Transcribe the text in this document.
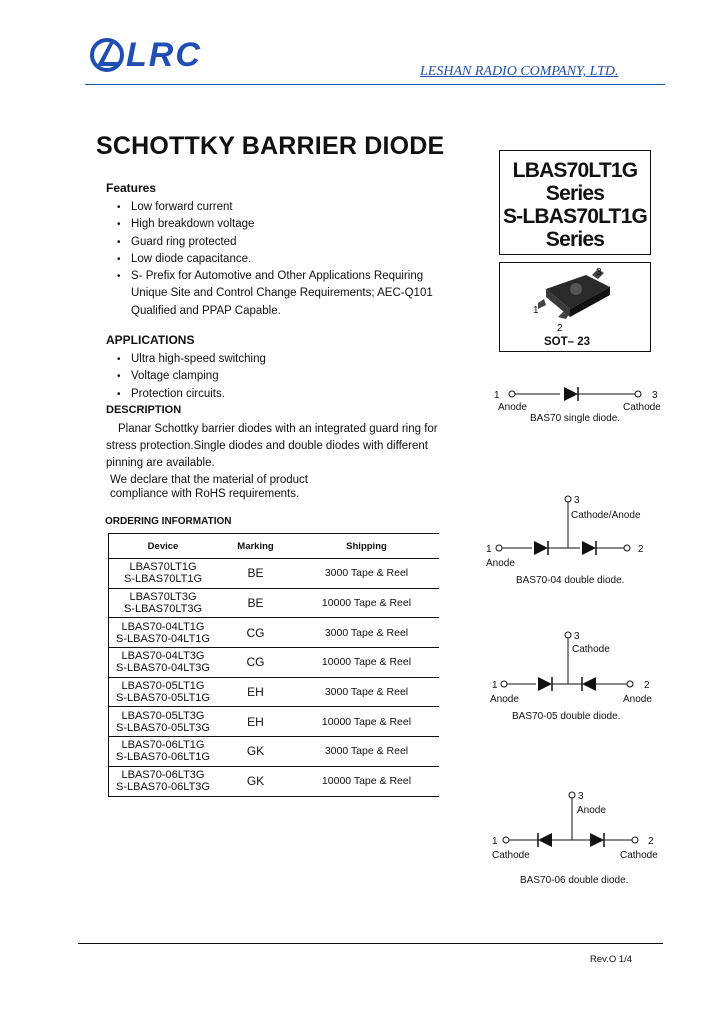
LRC	LESHAN RADIO COMPANY, LTD.
SCHOTTKY BARRIER DIODE
LBAS70LT1G
Series
S-LBAS70LT1G
Series
3
1
2
SOT– 23
Features
• Low forward current
• High breakdown voltage
• Guard ring protected
• Low diode capacitance.
• S- Prefix for Automotive and Other Applications Requiring Unique Site and Control Change Requirements; AEC-Q101 Qualified and PPAP Capable.
APPLICATIONS
• Ultra high-speed switching
• Voltage clamping
• Protection circuits.
DESCRIPTION
Planar Schottky barrier diodes with an integrated guard ring for stress protection.Single diodes and double diodes with different pinning are available.
We declare that the material of product
compliance with RoHS requirements.
ORDERING INFORMATION
Device	Marking	Shipping

LBAS70LT1G
S-LBAS70LT1G	BE	3000 Tape & Reel

LBAS70LT3G
S-LBAS70LT3G	BE	10000 Tape & Reel

LBAS70-04LT1G
S-LBAS70-04LT1G	CG	3000 Tape & Reel

LBAS70-04LT3G
S-LBAS70-04LT3G	CG	10000 Tape & Reel

LBAS70-05LT1G
S-LBAS70-05LT1G	EH	3000 Tape & Reel

LBAS70-05LT3G
S-LBAS70-05LT3G	EH	10000 Tape & Reel

LBAS70-06LT1G
S-LBAS70-06LT1G	GK	3000 Tape & Reel

LBAS70-06LT3G
S-LBAS70-06LT3G	GK	10000 Tape & Reel
1	3
Anode	Cathode
BAS70 single diode.
3
Cathode/Anode
1	2
Anode
BAS70-04 double diode.
3
Cathode
1	2
Anode	Anode
BAS70-05 double diode.
3
Anode
1	2
Cathode	Cathode
BAS70-06 double diode.
Rev.O 1/4
